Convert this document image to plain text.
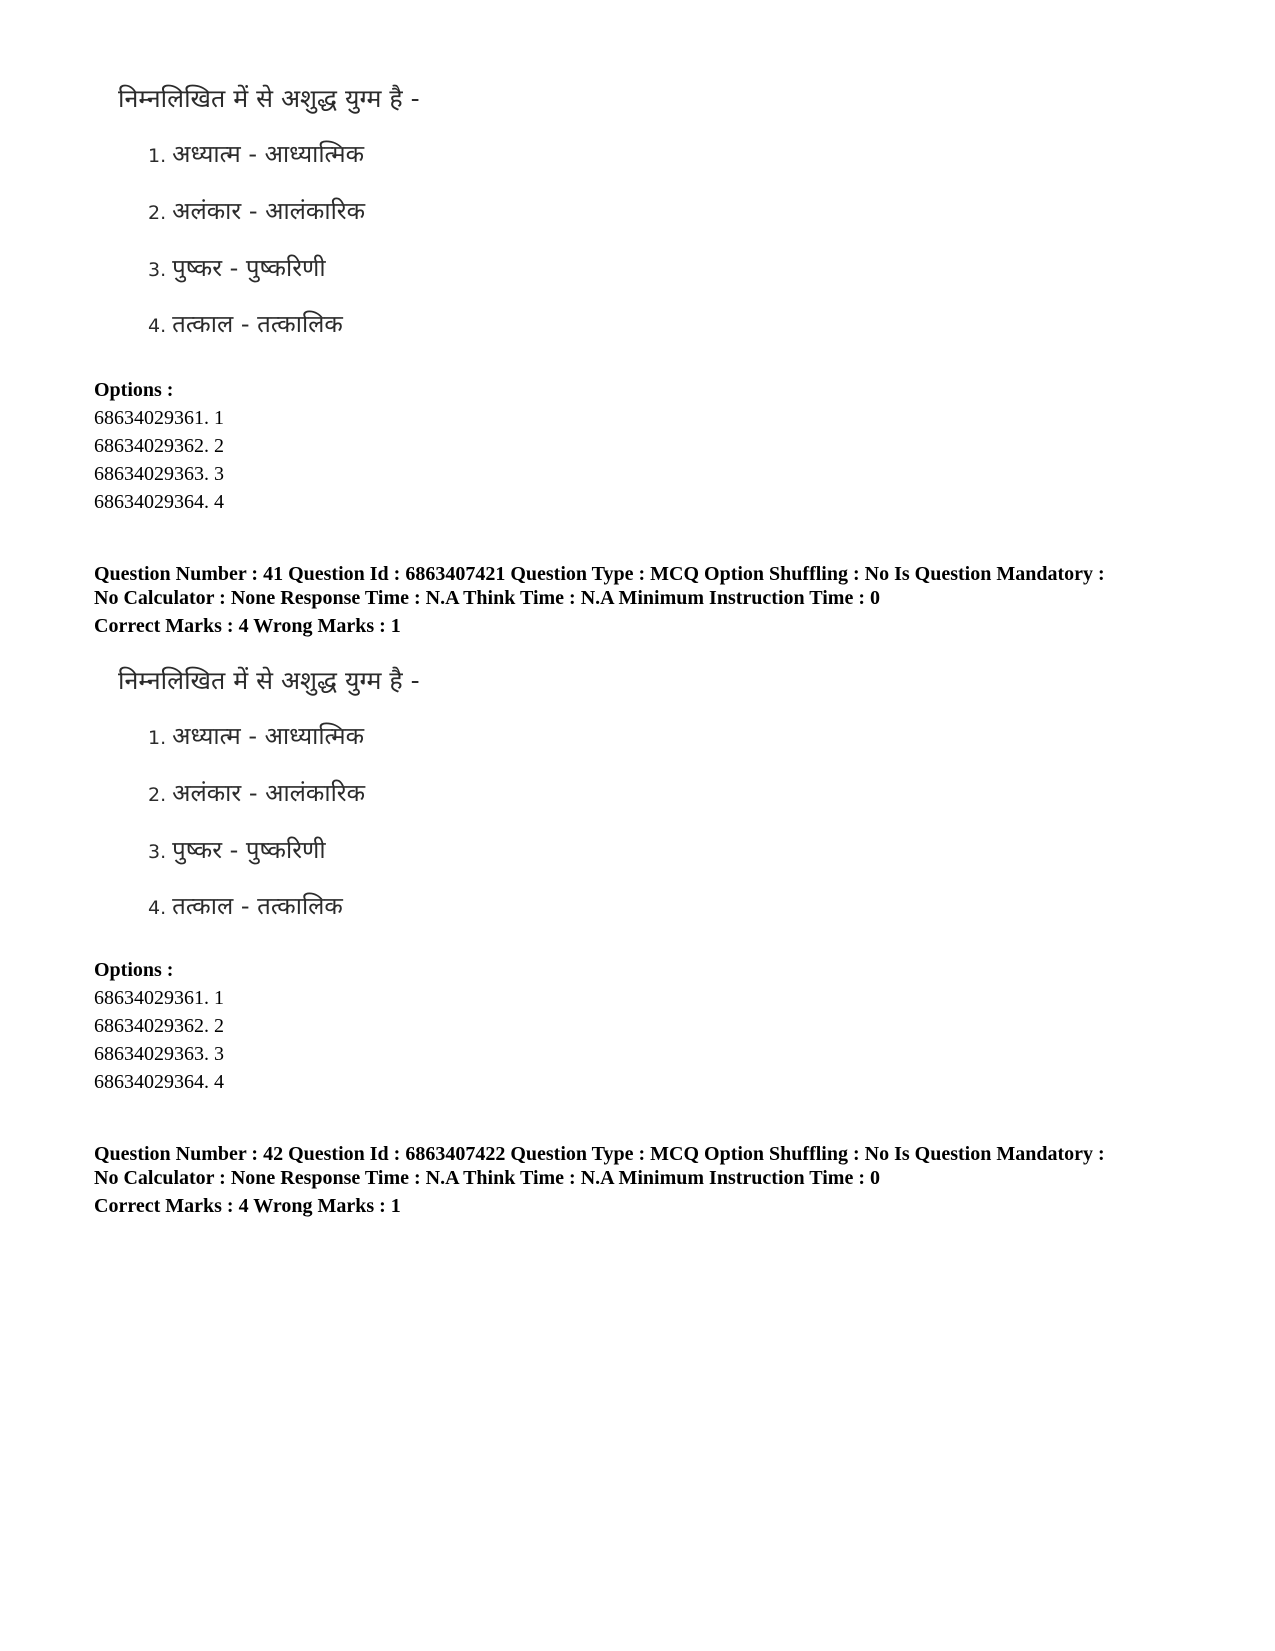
निम्नलिखित में से अशुद्ध युग्म है -
1. अध्यात्म - आध्यात्मिक
2. अलंकार - आलंकारिक
3. पुष्कर - पुष्करिणी
4. तत्काल - तत्कालिक
Options :
68634029361. 1
68634029362. 2
68634029363. 3
68634029364. 4
Question Number : 41 Question Id : 6863407421 Question Type : MCQ Option Shuffling : No Is Question Mandatory :
No Calculator : None Response Time : N.A Think Time : N.A Minimum Instruction Time : 0
Correct Marks : 4 Wrong Marks : 1
निम्नलिखित में से अशुद्ध युग्म है -
1. अध्यात्म - आध्यात्मिक
2. अलंकार - आलंकारिक
3. पुष्कर - पुष्करिणी
4. तत्काल - तत्कालिक
Options :
68634029361. 1
68634029362. 2
68634029363. 3
68634029364. 4
Question Number : 42 Question Id : 6863407422 Question Type : MCQ Option Shuffling : No Is Question Mandatory :
No Calculator : None Response Time : N.A Think Time : N.A Minimum Instruction Time : 0
Correct Marks : 4 Wrong Marks : 1
